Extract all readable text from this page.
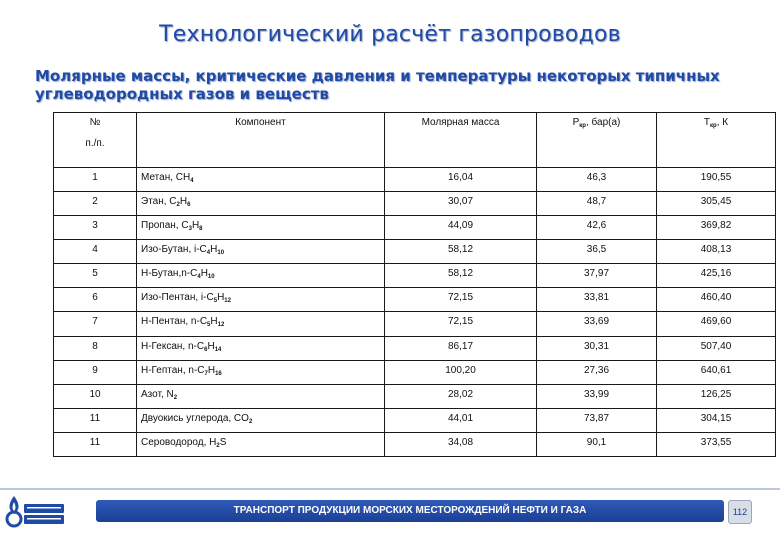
Технологический расчёт газопроводов
Молярные массы, критические давления и температуры некоторых типичных углеводородных газов и веществ
№
п./п.	Компонент	Молярная масса	$P_{кр}$, бар(а)	$T_{кр}$, К
1	Метан, $CH_4$	16,04	46,3	190,55
2	Этан, $C_2H_6$	30,07	48,7	305,45
3	Пропан, $C_3H_8$	44,09	42,6	369,82
4	Изо-Бутан, $i-C_4H_{10}$	58,12	36,5	408,13
5	$Н-Бутан,n-C_4H_{10}$	58,12	37,97	425,16
6	Изо-Пентан, $i-C_5H_{12}$	72,15	33,81	460,40
7	Н-Пентан, $n-C_5H_{12}$	72,15	33,69	469,60
8	Н-Гексан, $n-C_6H_{14}$	86,17	30,31	507,40
9	Н-Гептан, $n-C_7H_{16}$	100,20	27,36	640,61
10	Азот, $N_2$	28,02	33,99	126,25
11	Двуокись углерода, $CO_2$	44,01	73,87	304,15
11	Сероводород, $H_2S$	34,08	90,1	373,55
ТРАНСПОРТ ПРОДУКЦИИ МОРСКИХ МЕСТОРОЖДЕНИЙ НЕФТИ И ГАЗА	112
